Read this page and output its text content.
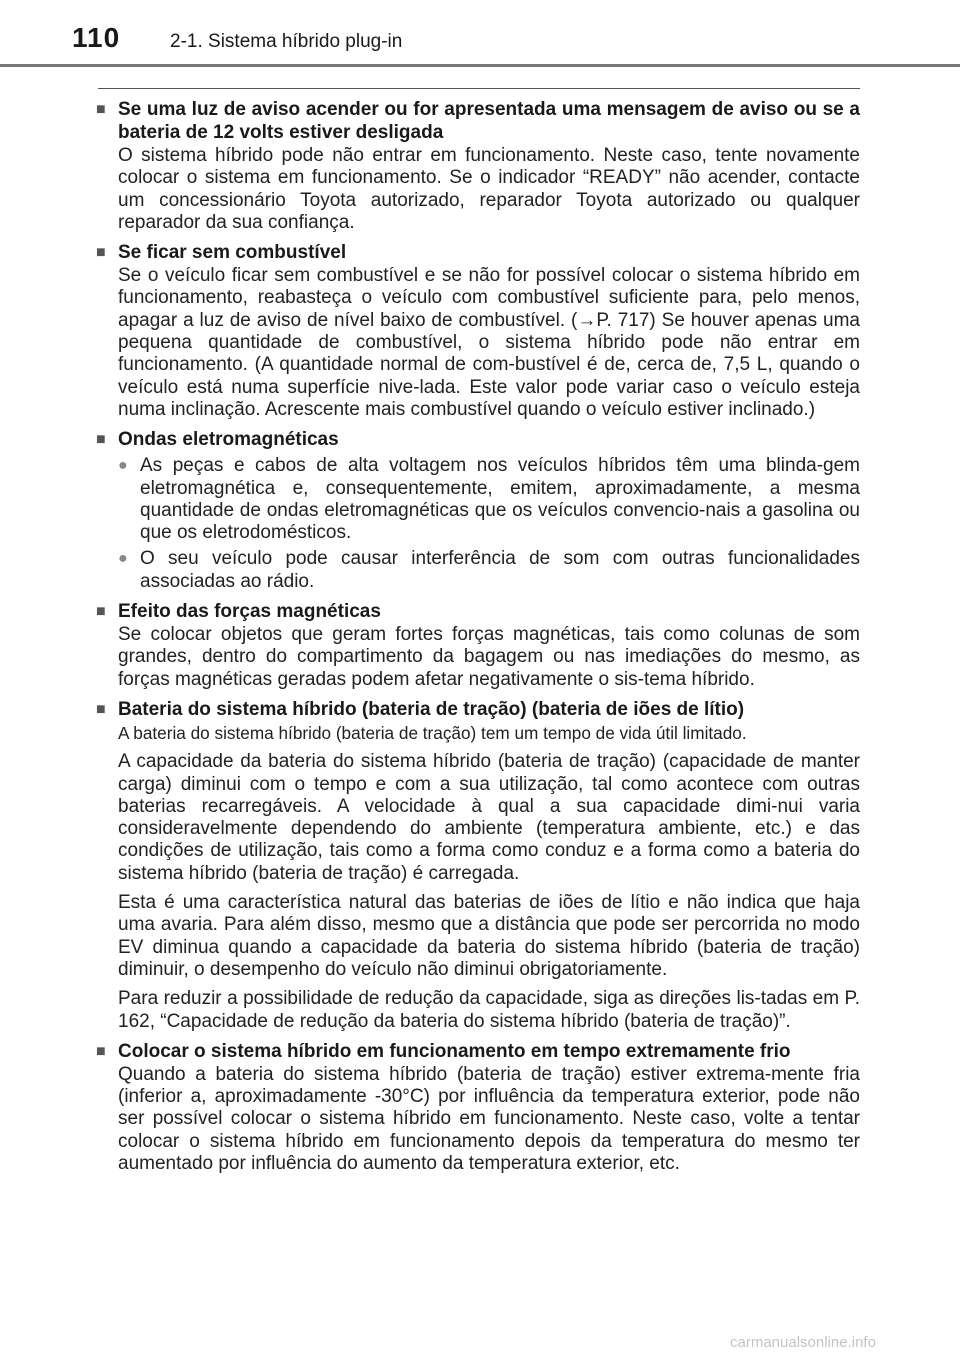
110	2-1. Sistema híbrido plug-in
■ Se uma luz de aviso acender ou for apresentada uma mensagem de aviso ou se a bateria de 12 volts estiver desligada
O sistema híbrido pode não entrar em funcionamento. Neste caso, tente novamente colocar o sistema em funcionamento. Se o indicador “READY” não acender, contacte um concessionário Toyota autorizado, reparador Toyota autorizado ou qualquer reparador da sua confiança.
■ Se ficar sem combustível
Se o veículo ficar sem combustível e se não for possível colocar o sistema híbrido em funcionamento, reabasteça o veículo com combustível suficiente para, pelo menos, apagar a luz de aviso de nível baixo de combustível. (→P. 717) Se houver apenas uma pequena quantidade de combustível, o sistema híbrido pode não entrar em funcionamento. (A quantidade normal de com-bustível é de, cerca de, 7,5 L, quando o veículo está numa superfície nive-lada. Este valor pode variar caso o veículo esteja numa inclinação. Acrescente mais combustível quando o veículo estiver inclinado.)
■ Ondas eletromagnéticas
● As peças e cabos de alta voltagem nos veículos híbridos têm uma blinda-gem eletromagnética e, consequentemente, emitem, aproximadamente, a mesma quantidade de ondas eletromagnéticas que os veículos convencio-nais a gasolina ou que os eletrodomésticos.
● O seu veículo pode causar interferência de som com outras funcionalidades associadas ao rádio.
■ Efeito das forças magnéticas
Se colocar objetos que geram fortes forças magnéticas, tais como colunas de som grandes, dentro do compartimento da bagagem ou nas imediações do mesmo, as forças magnéticas geradas podem afetar negativamente o sis-tema híbrido.
■ Bateria do sistema híbrido (bateria de tração) (bateria de iões de lítio)
A bateria do sistema híbrido (bateria de tração) tem um tempo de vida útil limitado.
A capacidade da bateria do sistema híbrido (bateria de tração) (capacidade de manter carga) diminui com o tempo e com a sua utilização, tal como acontece com outras baterias recarregáveis. A velocidade à qual a sua capacidade dimi-nui varia consideravelmente dependendo do ambiente (temperatura ambiente, etc.) e das condições de utilização, tais como a forma como conduz e a forma como a bateria do sistema híbrido (bateria de tração) é carregada.
Esta é uma característica natural das baterias de iões de lítio e não indica que haja uma avaria. Para além disso, mesmo que a distância que pode ser percorrida no modo EV diminua quando a capacidade da bateria do sistema híbrido (bateria de tração) diminuir, o desempenho do veículo não diminui obrigatoriamente.
Para reduzir a possibilidade de redução da capacidade, siga as direções lis-tadas em P. 162, “Capacidade de redução da bateria do sistema híbrido (bateria de tração)”.
■ Colocar o sistema híbrido em funcionamento em tempo extremamente frio
Quando a bateria do sistema híbrido (bateria de tração) estiver extrema-mente fria (inferior a, aproximadamente -30°C) por influência da temperatura exterior, pode não ser possível colocar o sistema híbrido em funcionamento. Neste caso, volte a tentar colocar o sistema híbrido em funcionamento depois da temperatura do mesmo ter aumentado por influência do aumento da temperatura exterior, etc.
carmanualsonline.info
